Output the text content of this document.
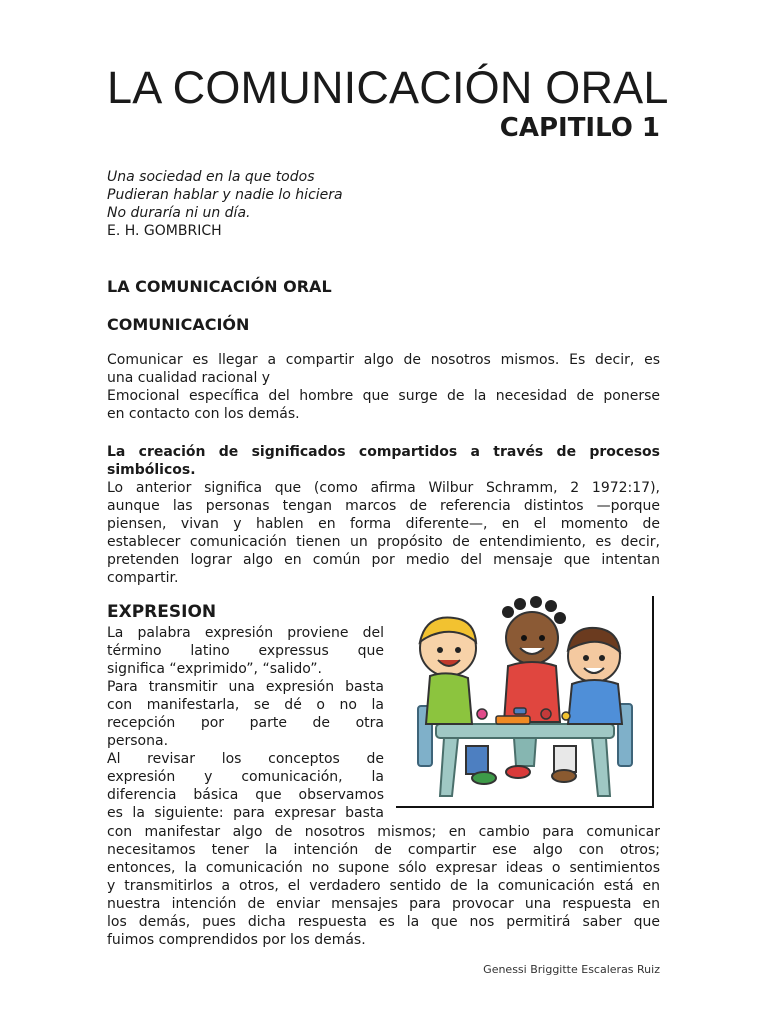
LA COMUNICACIÓN ORAL
CAPITILO 1
Una sociedad en la que todos
Pudieran hablar y nadie lo hiciera
No duraría ni un día.
E. H. GOMBRICH
LA COMUNICACIÓN ORAL
COMUNICACIÓN
Comunicar es llegar a compartir algo de nosotros mismos. Es decir, es
una cualidad racional y
Emocional específica del hombre que surge de la necesidad de ponerse
en contacto con los demás.
La creación de significados compartidos a través de procesos
simbólicos.
Lo anterior significa que (como afirma Wilbur Schramm, 2 1972:17),
aunque las personas tengan marcos de referencia distintos —porque
piensen, vivan y hablen en forma diferente—, en el momento de
establecer comunicación tienen un propósito de entendimiento, es decir,
pretenden lograr algo en común por medio del mensaje que intentan
compartir.
EXPRESION
La palabra expresión proviene del
término latino expressus que
significa “exprimido”, “salido”.
Para transmitir una expresión basta
con manifestarla, se dé o no la
recepción por parte de otra
persona.
Al revisar los conceptos de
expresión y comunicación, la
diferencia básica que observamos
es la siguiente: para expresar basta
con manifestar algo de nosotros mismos; en cambio para comunicar
necesitamos tener la intención de compartir ese algo con otros;
entonces, la comunicación no supone sólo expresar ideas o sentimientos
y transmitirlos a otros, el verdadero sentido de la comunicación está en
nuestra intención de enviar mensajes para provocar una respuesta en
los demás, pues dicha respuesta es la que nos permitirá saber que
fuimos comprendidos por los demás.

Genessi Briggitte Escaleras Ruiz
